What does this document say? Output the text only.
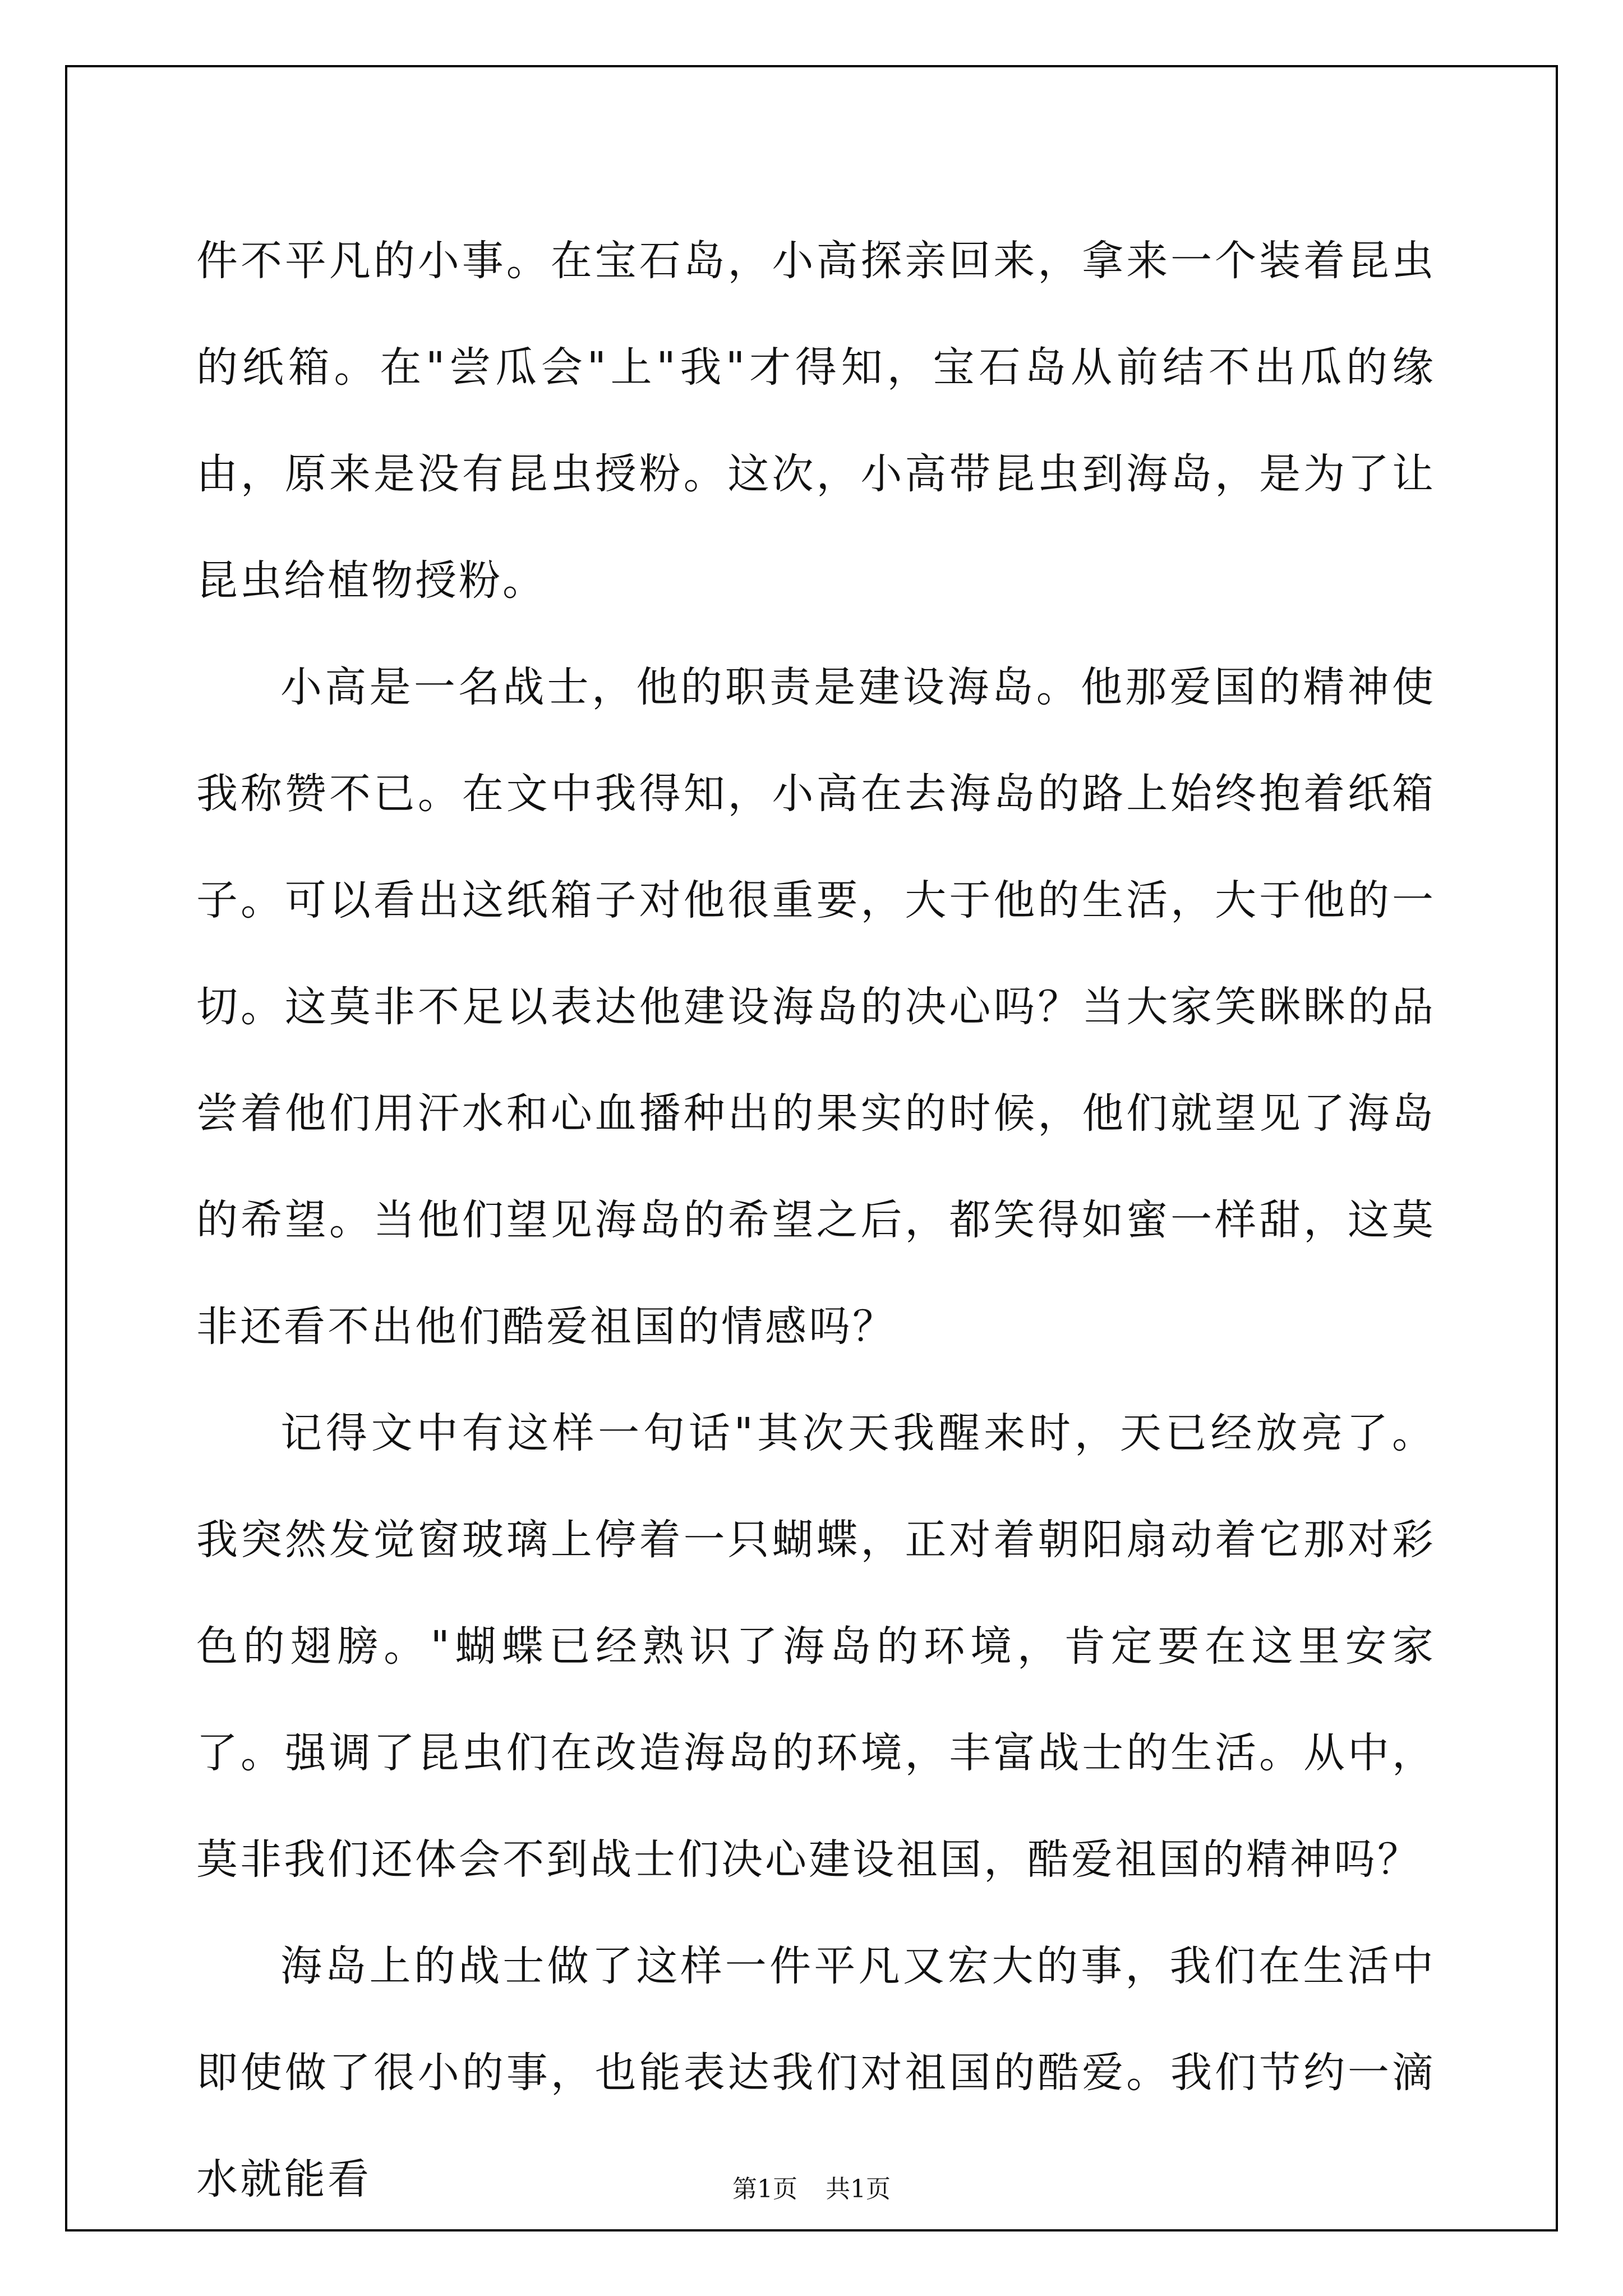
件不平凡的小事。在宝石岛，小高探亲回来，拿来一个装着昆虫的纸箱。在"尝瓜会"上"我"才得知，宝石岛从前结不出瓜的缘由，原来是没有昆虫授粉。这次，小高带昆虫到海岛，是为了让昆虫给植物授粉。

小高是一名战士，他的职责是建设海岛。他那爱国的精神使我称赞不已。在文中我得知，小高在去海岛的路上始终抱着纸箱子。可以看出这纸箱子对他很重要，大于他的生活，大于他的一切。这莫非不足以表达他建设海岛的决心吗？当大家笑眯眯的品尝着他们用汗水和心血播种出的果实的时候，他们就望见了海岛的希望。当他们望见海岛的希望之后，都笑得如蜜一样甜，这莫非还看不出他们酷爱祖国的情感吗？

记得文中有这样一句话"其次天我醒来时，天已经放亮了。我突然发觉窗玻璃上停着一只蝴蝶，正对着朝阳扇动着它那对彩色的翅膀。"蝴蝶已经熟识了海岛的环境，肯定要在这里安家了。强调了昆虫们在改造海岛的环境，丰富战士的生活。从中，莫非我们还体会不到战士们决心建设祖国，酷爱祖国的精神吗？

海岛上的战士做了这样一件平凡又宏大的事，我们在生活中即使做了很小的事，也能表达我们对祖国的酷爱。我们节约一滴水就能看	第1页 共1页
